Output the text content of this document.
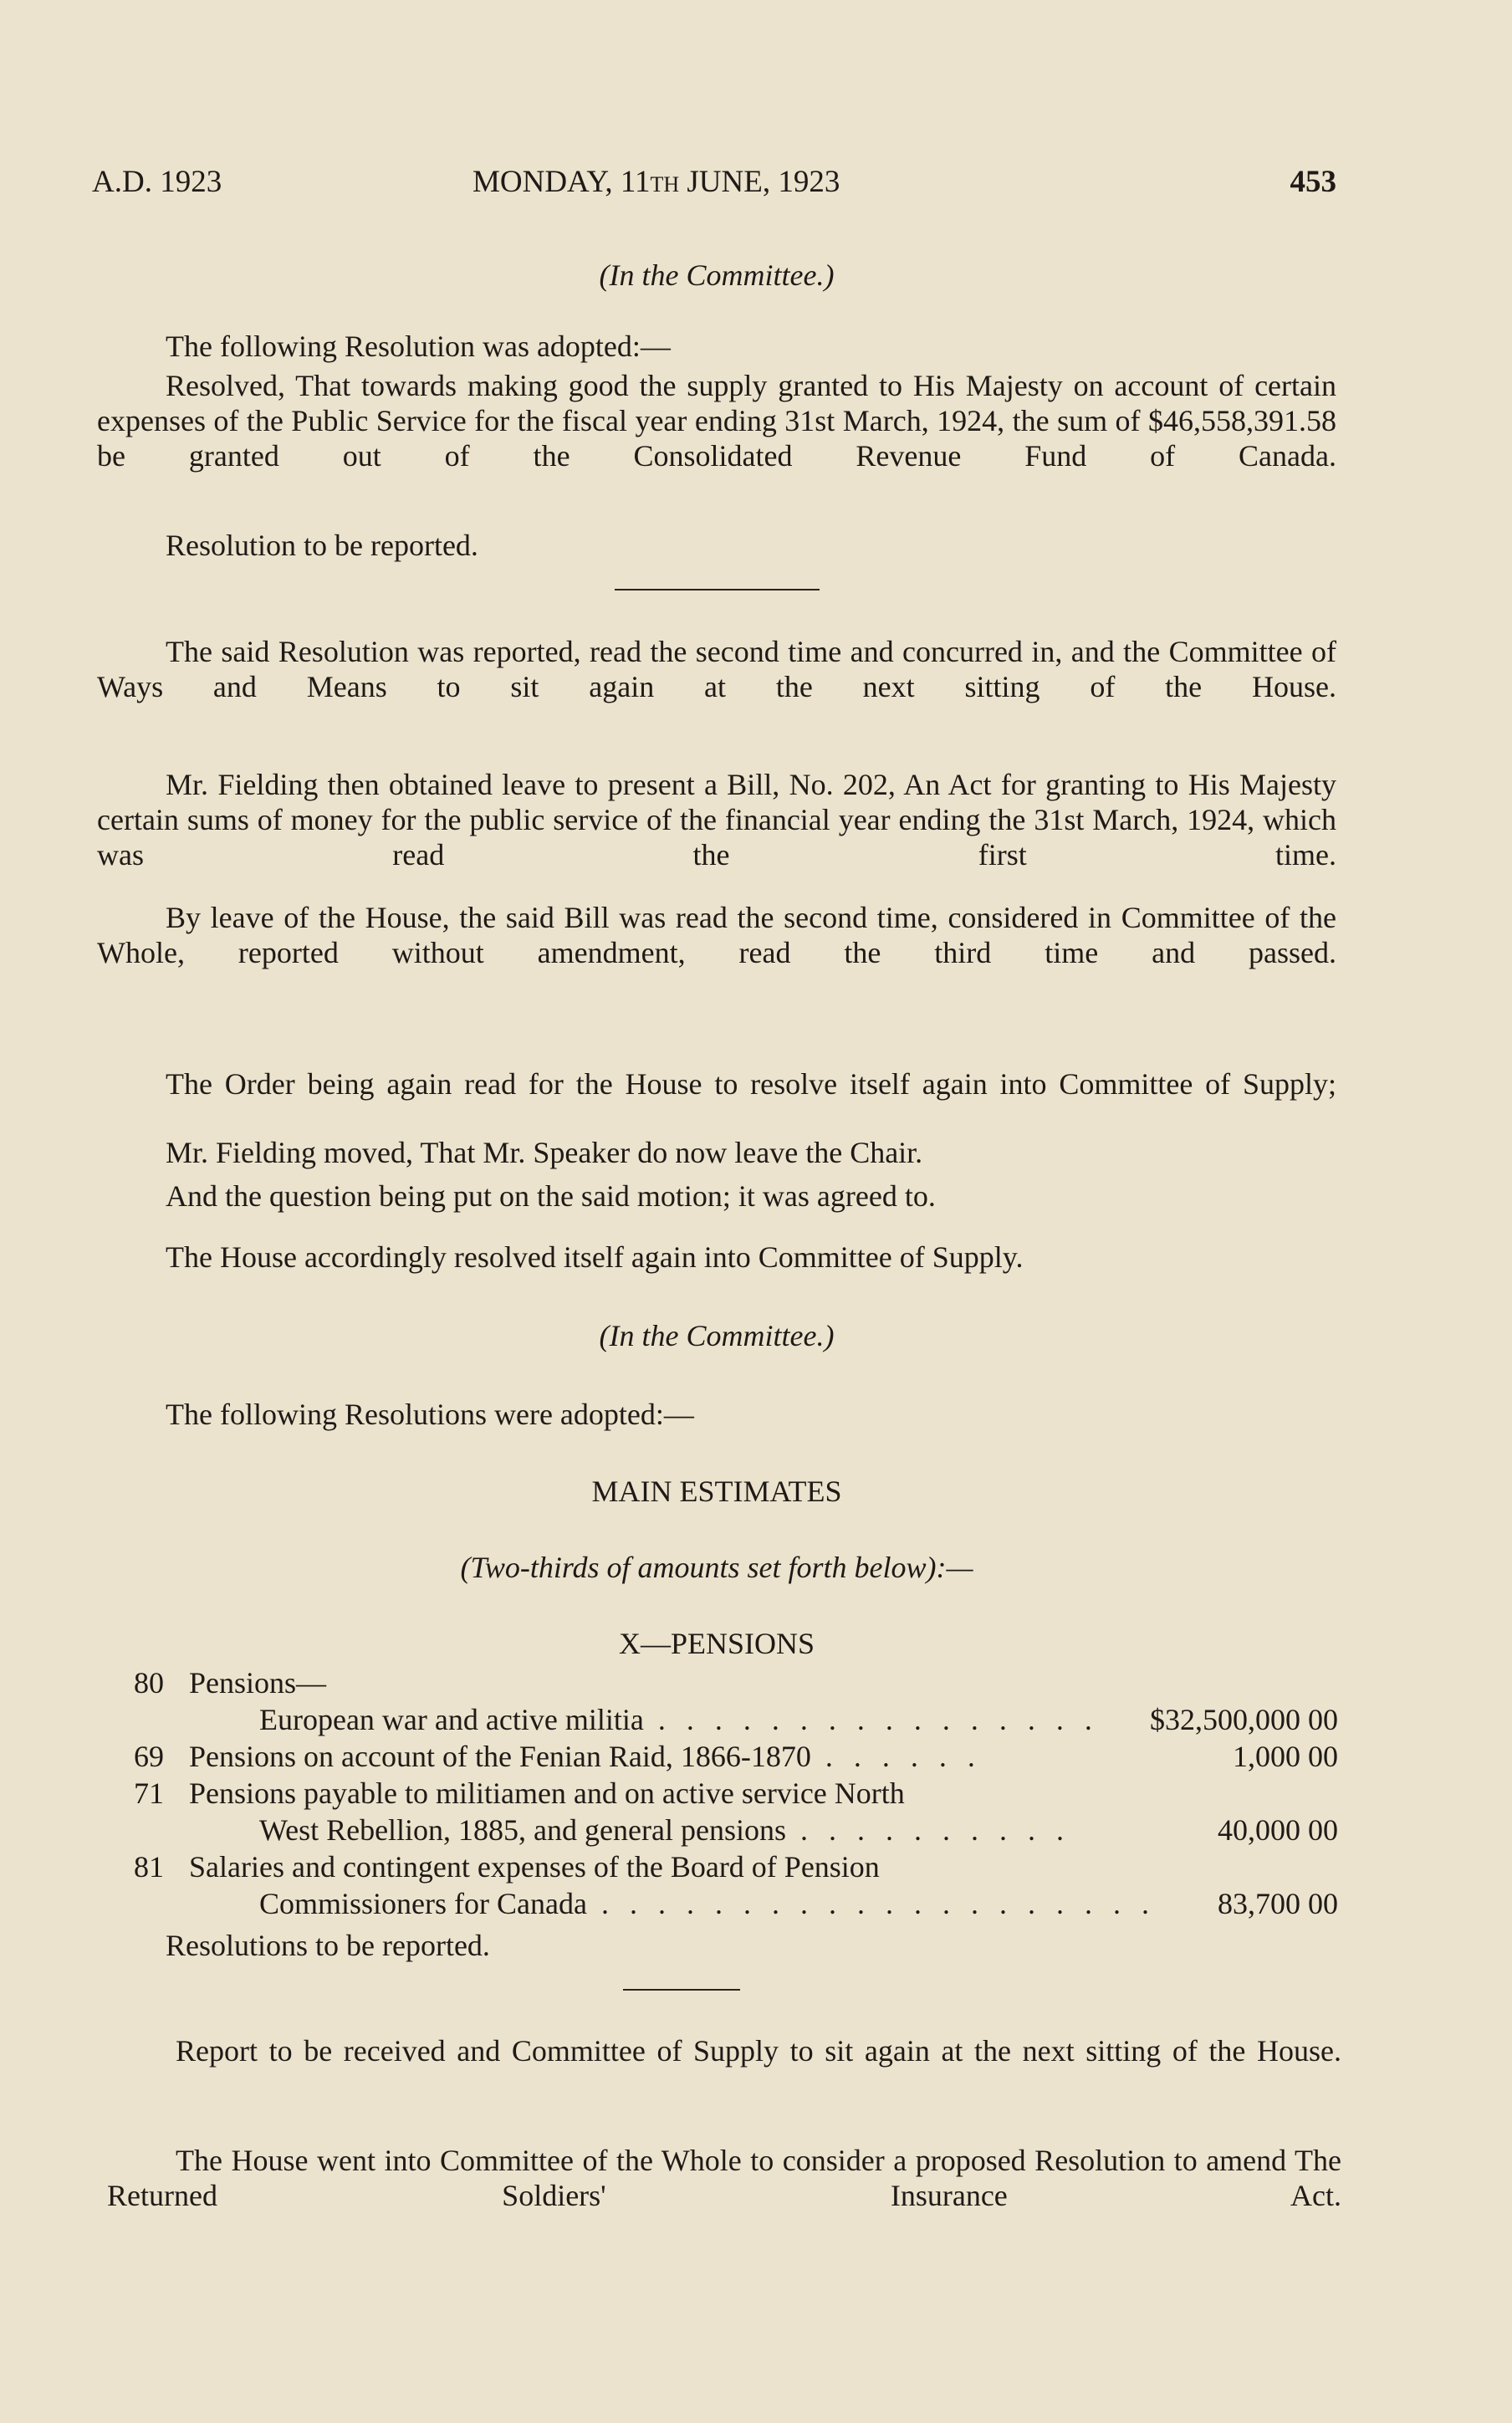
A.D. 1923	MONDAY, 11th JUNE, 1923	453
(In the Committee.)
The following Resolution was adopted:—
Resolved, That towards making good the supply granted to His Majesty on account of certain expenses of the Public Service for the fiscal year ending 31st March, 1924, the sum of $46,558,391.58 be granted out of the Consolidated Revenue Fund of Canada.
Resolution to be reported.
The said Resolution was reported, read the second time and concurred in, and the Committee of Ways and Means to sit again at the next sitting of the House.
Mr. Fielding then obtained leave to present a Bill, No. 202, An Act for granting to His Majesty certain sums of money for the public service of the financial year ending the 31st March, 1924, which was read the first time.
By leave of the House, the said Bill was read the second time, considered in Committee of the Whole, reported without amendment, read the third time and passed.
The Order being again read for the House to resolve itself again into Committee of Supply;
Mr. Fielding moved, That Mr. Speaker do now leave the Chair.
And the question being put on the said motion; it was agreed to.
The House accordingly resolved itself again into Committee of Supply.
(In the Committee.)
The following Resolutions were adopted:—
MAIN ESTIMATES
(Two-thirds of amounts set forth below):—
X—PENSIONS
80 Pensions—
European war and active militia . . . . . . . . . . . . . . . .	$32,500,000 00
69 Pensions on account of the Fenian Raid, 1866-1870 . . . . . .	1,000 00
71 Pensions payable to militiamen and on active service North
West Rebellion, 1885, and general pensions . . . . . . . . . .	40,000 00
81 Salaries and contingent expenses of the Board of Pension
Commissioners for Canada . . . . . . . . . . . . . . . . . . . .	83,700 00
Resolutions to be reported.
Report to be received and Committee of Supply to sit again at the next sitting of the House.
The House went into Committee of the Whole to consider a proposed Resolution to amend The Returned Soldiers' Insurance Act.
